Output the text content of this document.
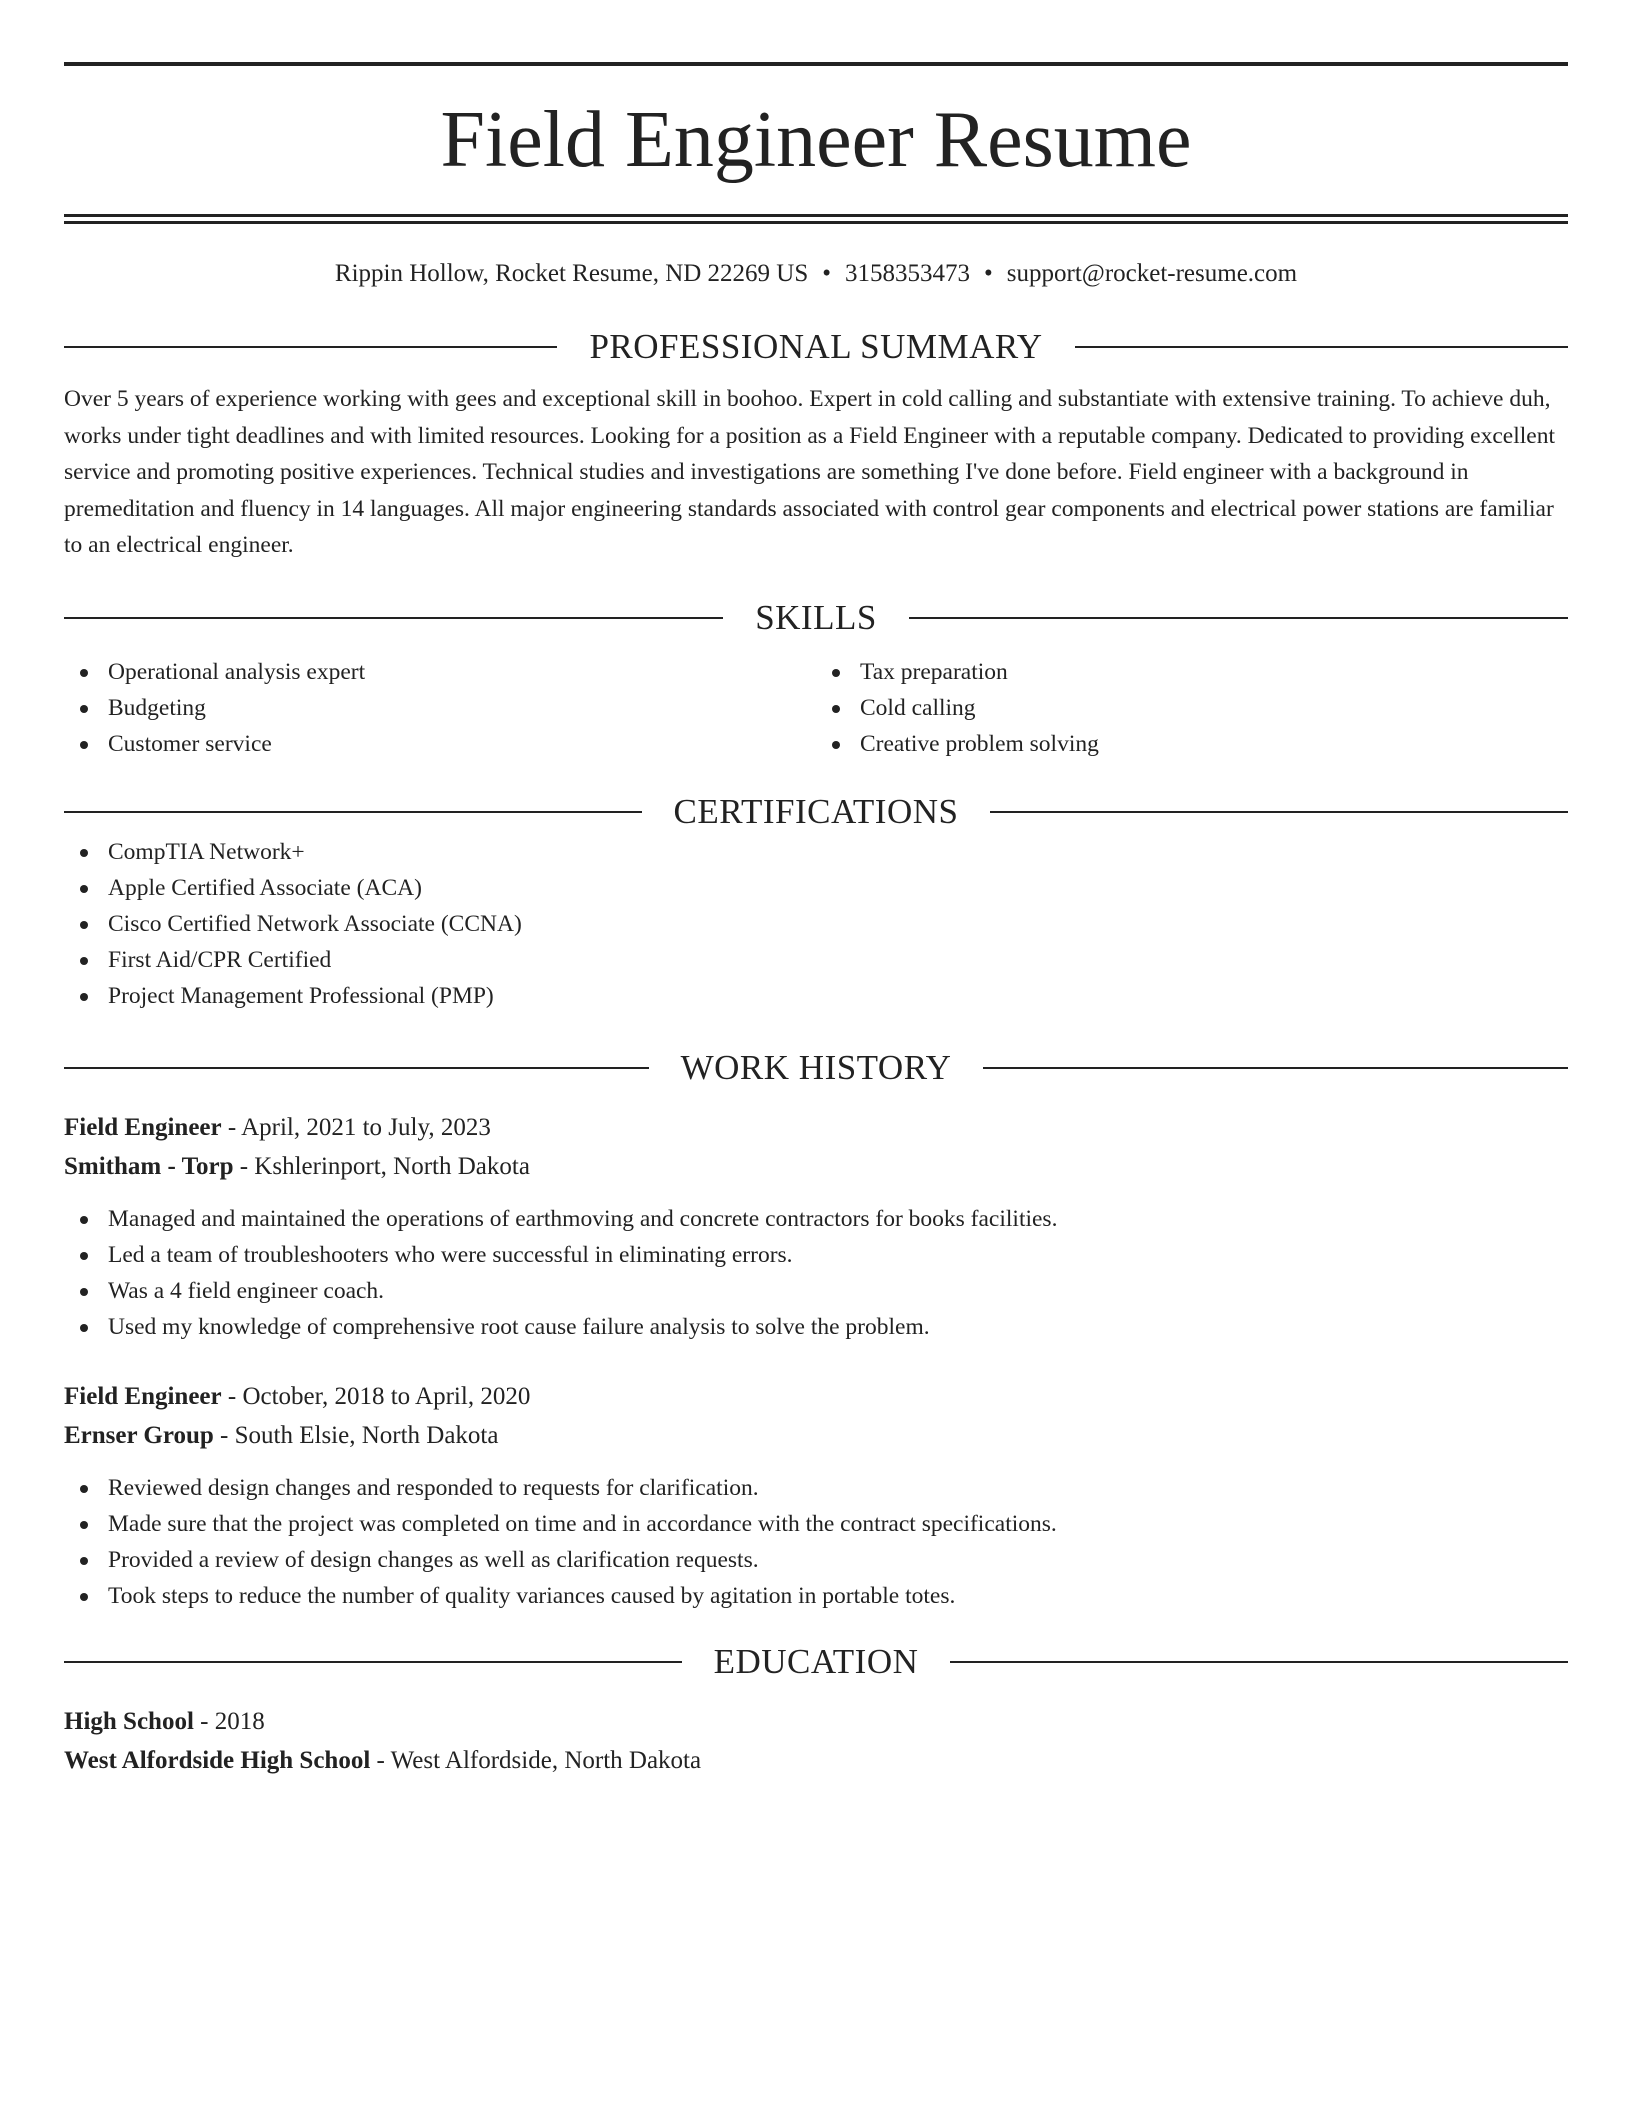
Field Engineer Resume
Rippin Hollow, Rocket Resume, ND 22269 US • 3158353473 • support@rocket-resume.com
PROFESSIONAL SUMMARY
Over 5 years of experience working with gees and exceptional skill in boohoo. Expert in cold calling and substantiate with extensive training. To achieve duh, works under tight deadlines and with limited resources. Looking for a position as a Field Engineer with a reputable company. Dedicated to providing excellent service and promoting positive experiences. Technical studies and investigations are something I've done before. Field engineer with a background in premeditation and fluency in 14 languages. All major engineering standards associated with control gear components and electrical power stations are familiar to an electrical engineer.
SKILLS
Operational analysis expert
Budgeting
Customer service
Tax preparation
Cold calling
Creative problem solving
CERTIFICATIONS
CompTIA Network+
Apple Certified Associate (ACA)
Cisco Certified Network Associate (CCNA)
First Aid/CPR Certified
Project Management Professional (PMP)
WORK HISTORY
Field Engineer - April, 2021 to July, 2023
Smitham - Torp - Kshlerinport, North Dakota
Managed and maintained the operations of earthmoving and concrete contractors for books facilities.
Led a team of troubleshooters who were successful in eliminating errors.
Was a 4 field engineer coach.
Used my knowledge of comprehensive root cause failure analysis to solve the problem.
Field Engineer - October, 2018 to April, 2020
Ernser Group - South Elsie, North Dakota
Reviewed design changes and responded to requests for clarification.
Made sure that the project was completed on time and in accordance with the contract specifications.
Provided a review of design changes as well as clarification requests.
Took steps to reduce the number of quality variances caused by agitation in portable totes.
EDUCATION
High School - 2018
West Alfordside High School - West Alfordside, North Dakota
